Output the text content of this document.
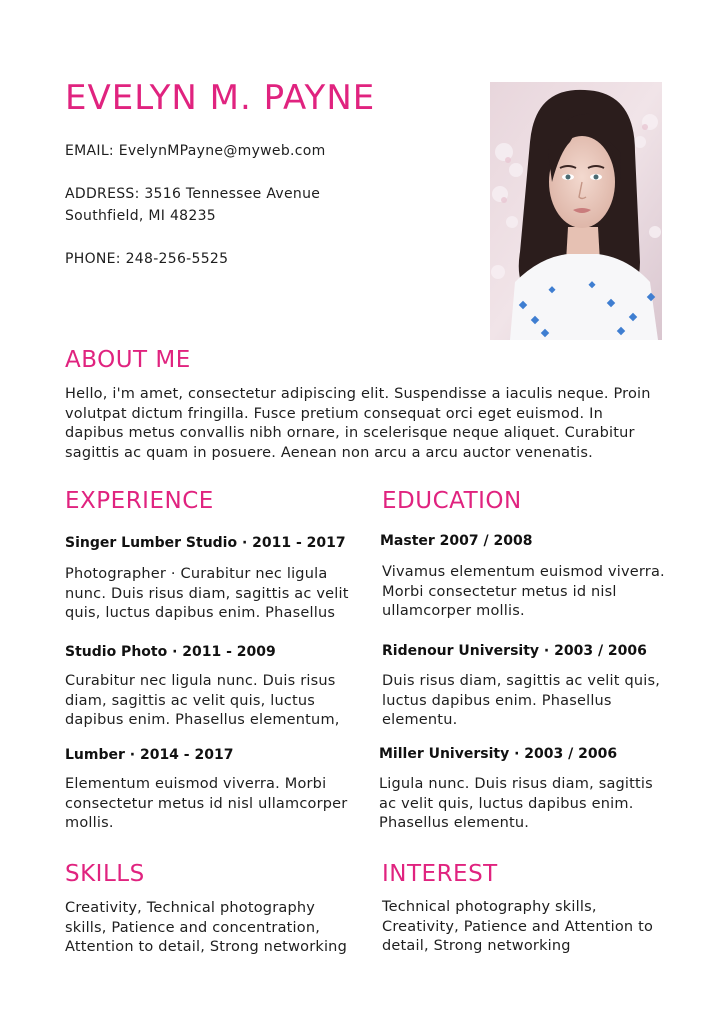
EVELYN M. PAYNE
EMAIL: EvelynMPayne@myweb.com
ADDRESS: 3516 Tennessee Avenue
Southfield, MI 48235
PHONE: 248-256-5525
ABOUT ME
Hello, i'm amet, consectetur adipiscing elit. Suspendisse a iaculis neque. Proin volutpat dictum fringilla. Fusce pretium consequat orci eget euismod. In dapibus metus convallis nibh ornare, in scelerisque neque aliquet. Curabitur sagittis ac quam in posuere. Aenean non arcu a arcu auctor venenatis.
EXPERIENCE
Singer Lumber Studio · 2011 - 2017
Photographer · Curabitur nec ligula nunc. Duis risus diam, sagittis ac velit quis, luctus dapibus enim. Phasellus
Studio Photo · 2011 - 2009
Curabitur nec ligula nunc. Duis risus diam, sagittis ac velit quis, luctus dapibus enim. Phasellus elementum,
Lumber · 2014 - 2017
Elementum euismod viverra. Morbi consectetur metus id nisl ullamcorper mollis.
EDUCATION
Master 2007 / 2008
Vivamus elementum euismod viverra. Morbi consectetur metus id nisl ullamcorper mollis.
Ridenour University · 2003 / 2006
Duis risus diam, sagittis ac velit quis, luctus dapibus enim. Phasellus elementu.
Miller University · 2003 / 2006
Ligula nunc. Duis risus diam, sagittis ac velit quis, luctus dapibus enim. Phasellus elementu.
SKILLS
Creativity, Technical photography skills, Patience and concentration, Attention to detail, Strong networking
INTEREST
Technical photography skills, Creativity, Patience and Attention to detail, Strong networking
